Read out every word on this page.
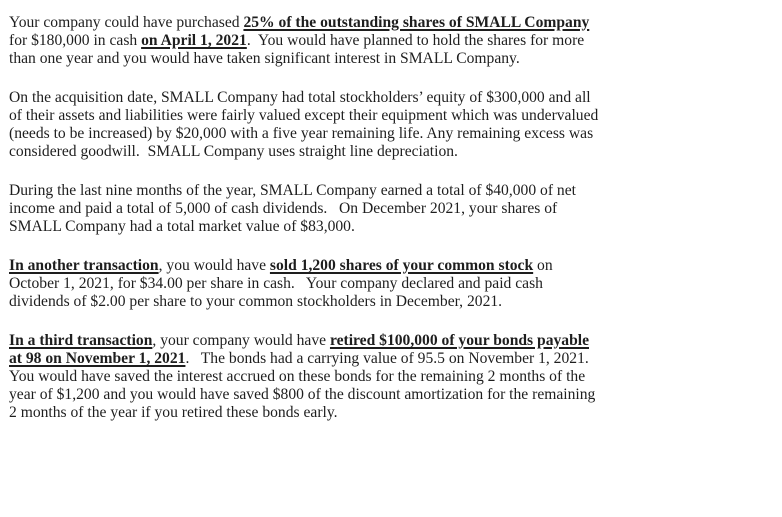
Your company could have purchased 25% of the outstanding shares of SMALL Company
for $180,000 in cash on April 1, 2021.  You would have planned to hold the shares for more
than one year and you would have taken significant interest in SMALL Company.
On the acquisition date, SMALL Company had total stockholders’ equity of $300,000 and all
of their assets and liabilities were fairly valued except their equipment which was undervalued
(needs to be increased) by $20,000 with a five year remaining life. Any remaining excess was
considered goodwill.  SMALL Company uses straight line depreciation.
During the last nine months of the year, SMALL Company earned a total of $40,000 of net
income and paid a total of 5,000 of cash dividends.   On December 2021, your shares of
SMALL Company had a total market value of $83,000.
In another transaction, you would have sold 1,200 shares of your common stock on
October 1, 2021, for $34.00 per share in cash.   Your company declared and paid cash
dividends of $2.00 per share to your common stockholders in December, 2021.
In a third transaction, your company would have retired $100,000 of your bonds payable
at 98 on November 1, 2021.   The bonds had a carrying value of 95.5 on November 1, 2021.
You would have saved the interest accrued on these bonds for the remaining 2 months of the
year of $1,200 and you would have saved $800 of the discount amortization for the remaining
2 months of the year if you retired these bonds early.
